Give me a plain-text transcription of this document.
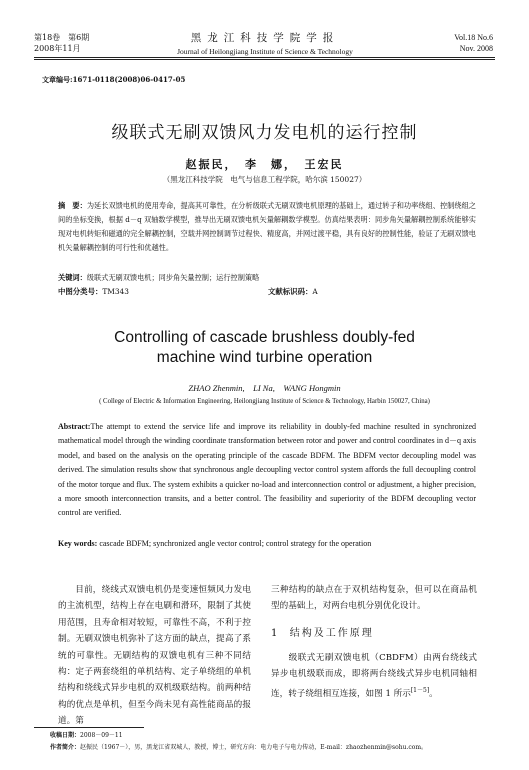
第18卷　第6期
2008年11月
黑龙江科技学院学报
Journal of Heilongjiang Institute of Science & Technology
Vol.18 No.6
Nov. 2008
文章编号:1671-0118(2008)06-0417-05
级联式无刷双馈风力发电机的运行控制
赵振民，　李　娜，　王宏民
（黑龙江科技学院　电气与信息工程学院，哈尔滨 150027）
摘　要：为延长双馈电机的使用寿命，提高其可靠性，在分析级联式无刷双馈电机原理的基础上，通过转子和功率绕组、控制绕组之间的坐标变换，根据 d－q 双轴数学模型，推导出无刷双馈电机矢量解耦数学模型。仿真结果表明：同步角矢量解耦控制系统能够实现对电机转矩和磁通的完全解耦控制，空载并网控制调节过程快、精度高，并网过渡平稳，具有良好的控制性能，验证了无刷双馈电机矢量解耦控制的可行性和优越性。
关键词：级联式无刷双馈电机；同步角矢量控制；运行控制策略
中图分类号：TM343	文献标识码：A
Controlling of cascade brushless doubly-fed
machine wind turbine operation
ZHAO Zhenmin,　LI Na,　WANG Hongmin
( College of Electric & Information Engineering, Heilongjiang Institute of Science & Technology, Harbin 150027, China)
Abstract:The attempt to extend the service life and improve its reliability in doubly-fed machine resulted in synchronized mathematical model through the winding coordinate transformation between rotor and power and control coordinates in d－q axis model, and based on the analysis on the operating principle of the cascade BDFM. The BDFM vector decoupling model was derived. The simulation results show that synchronous angle decoupling vector control system affords the full decoupling control of the motor torque and flux. The system exhibits a quicker no-load and interconnection control or adjustment, a higher precision, a more smooth interconnection transits, and a better control. The feasibility and superiority of the BDFM decoupling vector control are verified.
Key words: cascade BDFM; synchronized angle vector control; control strategy for the operation
目前，绕线式双馈电机仍是变速恒频风力发电的主流机型，结构上存在电刷和滑环，限制了其使用范围，且寿命相对较短，可靠性不高，不利于控制。无刷双馈电机弥补了这方面的缺点，提高了系统的可靠性。无刷结构的双馈电机有三种不同结构：定子两套绕组的单机结构、定子单绕组的单机结构和绕线式异步电机的双机级联结构。前两种结构的优点是单机，但至今尚未见有高性能商品的报道。第
三种结构的缺点在于双机结构复杂，但可以在商品机型的基础上，对两台电机分别优化设计。
1 结构及工作原理
  级联式无刷双馈电机（CBDFM）由两台绕线式异步电机级联而成，即将两台绕线式异步电机同轴相连，转子绕组相互连接，如图 1 所示[1－5]。
收稿日期：2008－09－11
作者简介：赵振民（1967－），男，黑龙江省双城人，教授，博士，研究方向：电力电子与电力传动，E-mail：zhaozhenmin@sohu.com。
